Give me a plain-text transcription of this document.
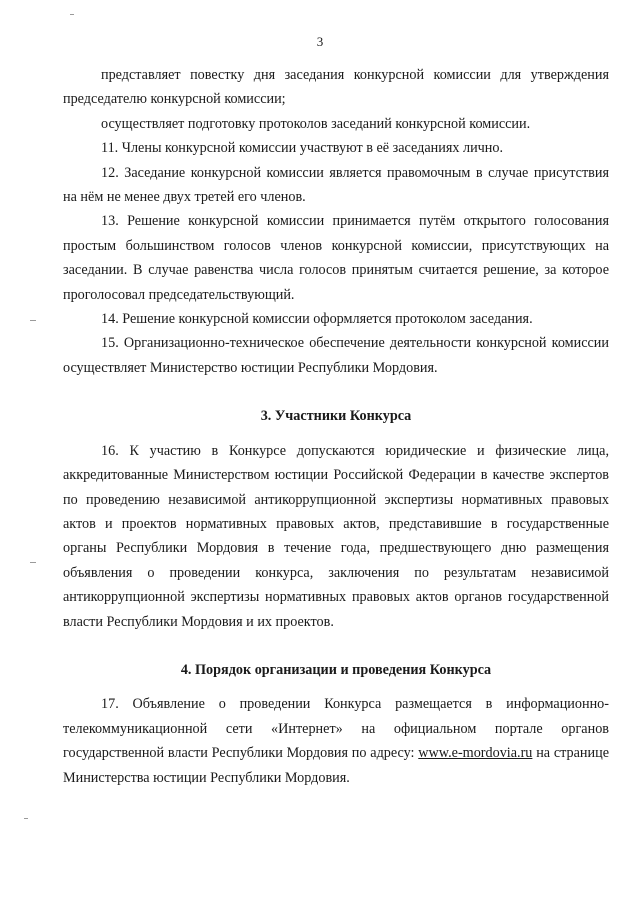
3

представляет повестку дня заседания конкурсной комиссии для утверждения председателю конкурсной комиссии;

осуществляет подготовку протоколов заседаний конкурсной комиссии.

11. Члены конкурсной комиссии участвуют в её заседаниях лично.

12. Заседание конкурсной комиссии является правомочным в случае присутствия на нём не менее двух третей его членов.

13. Решение конкурсной комиссии принимается путём открытого голосования простым большинством голосов членов конкурсной комиссии, присутствующих на заседании. В случае равенства числа голосов принятым считается решение, за которое проголосовал председательствующий.

14. Решение конкурсной комиссии оформляется протоколом заседания.

15. Организационно-техническое обеспечение деятельности конкурсной комиссии осуществляет Министерство юстиции Республики Мордовия.

3. Участники Конкурса

16. К участию в Конкурсе допускаются юридические и физические лица, аккредитованные Министерством юстиции Российской Федерации в качестве экспертов по проведению независимой антикоррупционной экспертизы нормативных правовых актов и проектов нормативных правовых актов, представившие в государственные органы Республики Мордовия в течение года, предшествующего дню размещения объявления о проведении конкурса, заключения по результатам независимой антикоррупционной экспертизы нормативных правовых актов органов государственной власти Республики Мордовия и их проектов.

4. Порядок организации и проведения Конкурса

17. Объявление о проведении Конкурса размещается в информационно-телекоммуникационной сети «Интернет» на официальном портале органов государственной власти Республики Мордовия по адресу: www.e-mordovia.ru на странице Министерства юстиции Республики Мордовия.
